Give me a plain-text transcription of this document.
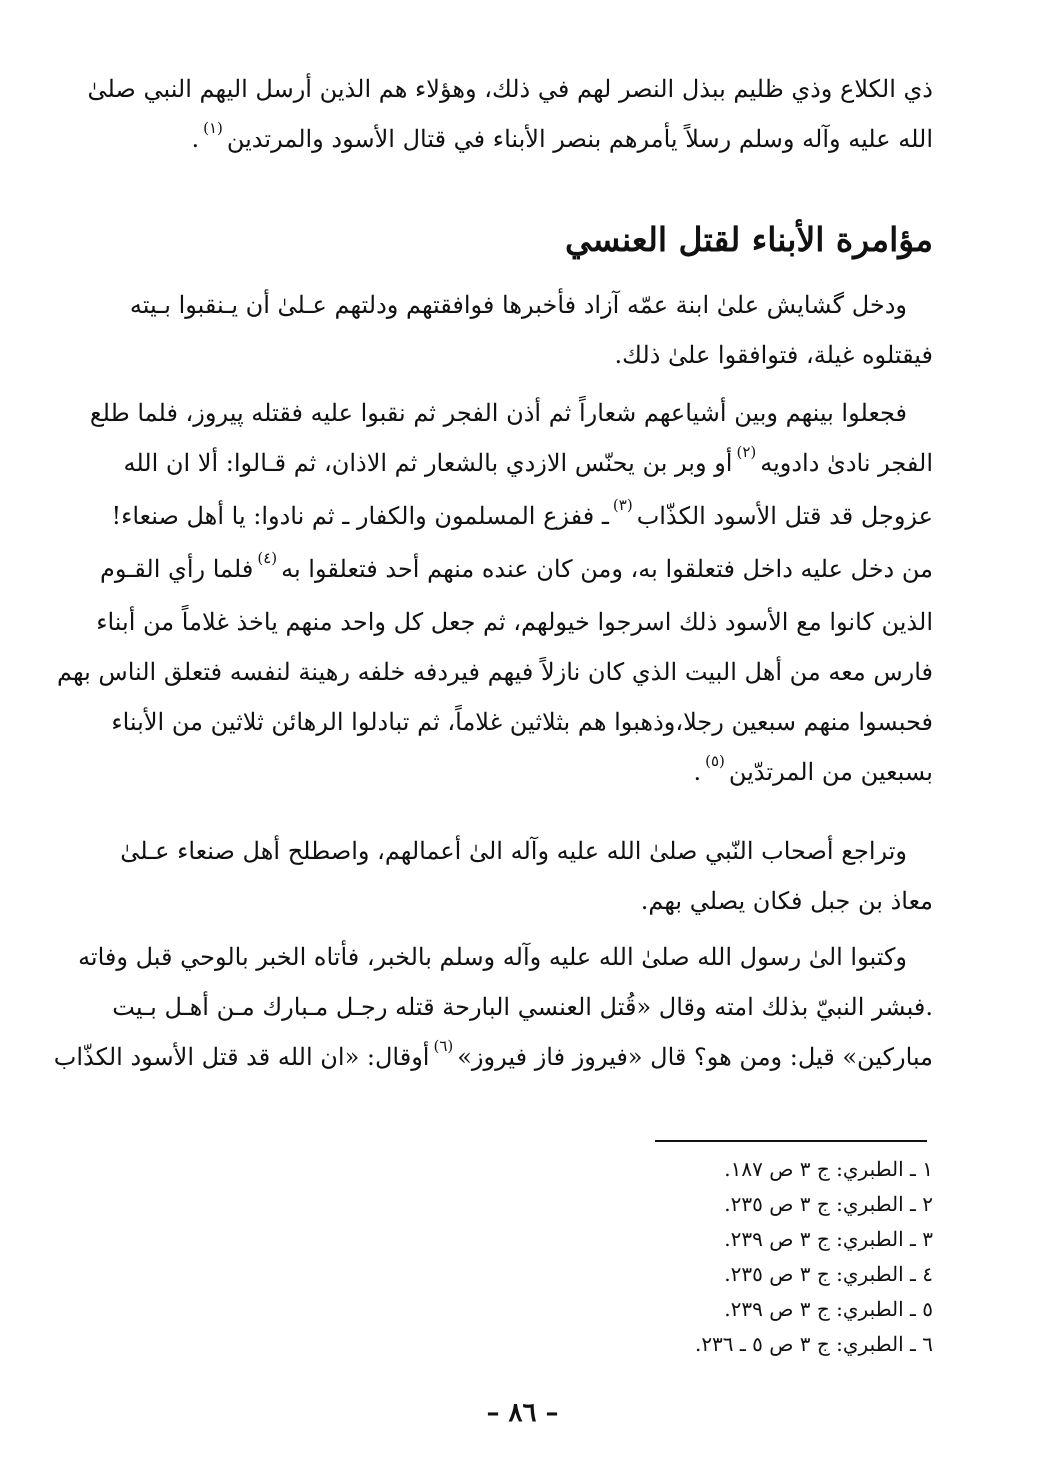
ذي الكلاع وذي ظليم ببذل النصر لهم في ذلك، وهؤلاء هم الذين أرسل اليهم النبي صلىٰ
الله عليه وآله وسلم رسلاً يأمرهم بنصر الأبناء في قتال الأسود والمرتدين$^{(١)}$.

مؤامرة الأبناء لقتل العنسي

ودخل گشايش علىٰ ابنة عمّه آزاد فأخبرها فوافقتهم ودلتهم عـلىٰ أن يـنقبوا بـيته
فيقتلوه غيلة، فتوافقوا علىٰ ذلك.

فجعلوا بينهم وبين أشياعهم شعاراً ثم أذن الفجر ثم نقبوا عليه فقتله پيروز، فلما طلع
الفجر نادىٰ دادويه$^{(٢)}$أو وبر بن يحنّس الازدي بالشعار ثم الاذان، ثم قـالوا: ألا ان الله
عزوجل قد قتل الأسود الكذّاب$^{(٣)}$ـ ففزع المسلمون والكفار ـ ثم نادوا: يا أهل صنعاء!
من دخل عليه داخل فتعلقوا به، ومن كان عنده منهم أحد فتعلقوا به$^{(٤)}$فلما رأي القـوم
الذين كانوا مع الأسود ذلك اسرجوا خيولهم، ثم جعل كل واحد منهم ياخذ غلاماً من أبناء
فارس معه من أهل البيت الذي كان نازلاً فيهم فيردفه خلفه رهينة لنفسه فتعلق الناس بهم
فحبسوا منهم سبعين رجلا،وذهبوا هم بثلاثين غلاماً، ثم تبادلوا الرهائن ثلاثين من الأبناء
بسبعين من المرتدّين$^{(٥)}$.

وتراجع أصحاب النّبي صلىٰ الله عليه وآله الىٰ أعمالهم، واصطلح أهل صنعاء عـلىٰ
معاذ بن جبل فكان يصلي بهم.

وكتبوا الىٰ رسول الله صلىٰ الله عليه وآله وسلم بالخبر، فأتاه الخبر بالوحي قبل وفاته
.فبشر النبيّ بذلك امته وقال «قُتل العنسي البارحة قتله رجـل مـبارك مـن أهـل بـيت
مباركين» قيل: ومن هو؟ قال «فيروز فاز فيروز»$^{(٦)}$أوقال: «ان الله قد قتل الأسود الكذّاب

١ ـ الطبري: ج ٣ ص ١٨٧.
٢ ـ الطبري: ج ٣ ص ٢٣٥.
٣ ـ الطبري: ج ٣ ص ٢٣٩.
٤ ـ الطبري: ج ٣ ص ٢٣٥.
٥ ـ الطبري: ج ٣ ص ٢٣٩.
٦ ـ الطبري: ج ٣ ص ٥ ـ ٢٣٦.
– ٨٦ –
